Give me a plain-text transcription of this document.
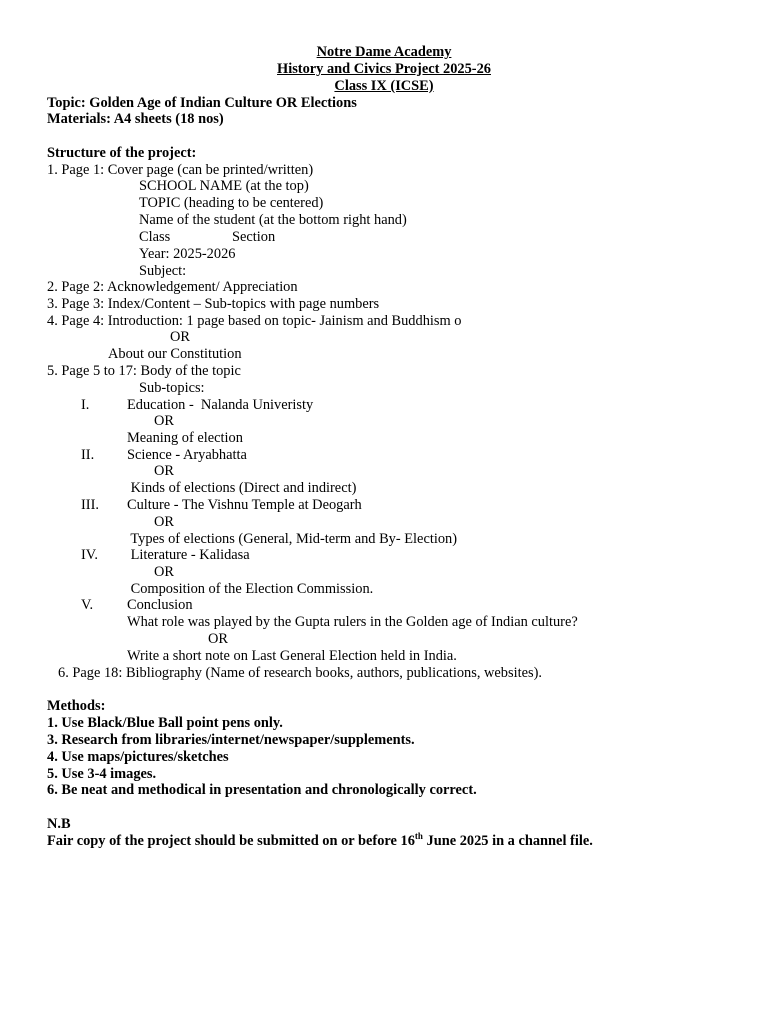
Notre Dame Academy
History and Civics Project 2025-26
Class IX (ICSE)
Topic: Golden Age of Indian Culture OR Elections
Materials: A4 sheets (18 nos)
Structure of the project:
1. Page 1: Cover page (can be printed/written)
SCHOOL NAME (at the top)
TOPIC (heading to be centered)
Name of the student (at the bottom right hand)
Class	Section
Year: 2025-2026
Subject:
2. Page 2: Acknowledgement/ Appreciation
3. Page 3: Index/Content – Sub-topics with page numbers
4. Page 4: Introduction: 1 page based on topic- Jainism and Buddhism o
OR
About our Constitution
5. Page 5 to 17: Body of the topic
Sub-topics:
I.	Education -  Nalanda Univeristy
OR
Meaning of election
II. Science - Aryabhatta
OR
Kinds of elections (Direct and indirect)
III. Culture - The Vishnu Temple at Deogarh
OR
Types of elections (General, Mid-term and By- Election)
IV. Literature - Kalidasa
OR
Composition of the Election Commission.
V. Conclusion
What role was played by the Gupta rulers in the Golden age of Indian culture?
OR
Write a short note on Last General Election held in India.
6. Page 18: Bibliography (Name of research books, authors, publications, websites).
Methods:
1. Use Black/Blue Ball point pens only.
3. Research from libraries/internet/newspaper/supplements.
4. Use maps/pictures/sketches
5. Use 3-4 images.
6. Be neat and methodical in presentation and chronologically correct.
N.B
Fair copy of the project should be submitted on or before 16th June 2025 in a channel file.
